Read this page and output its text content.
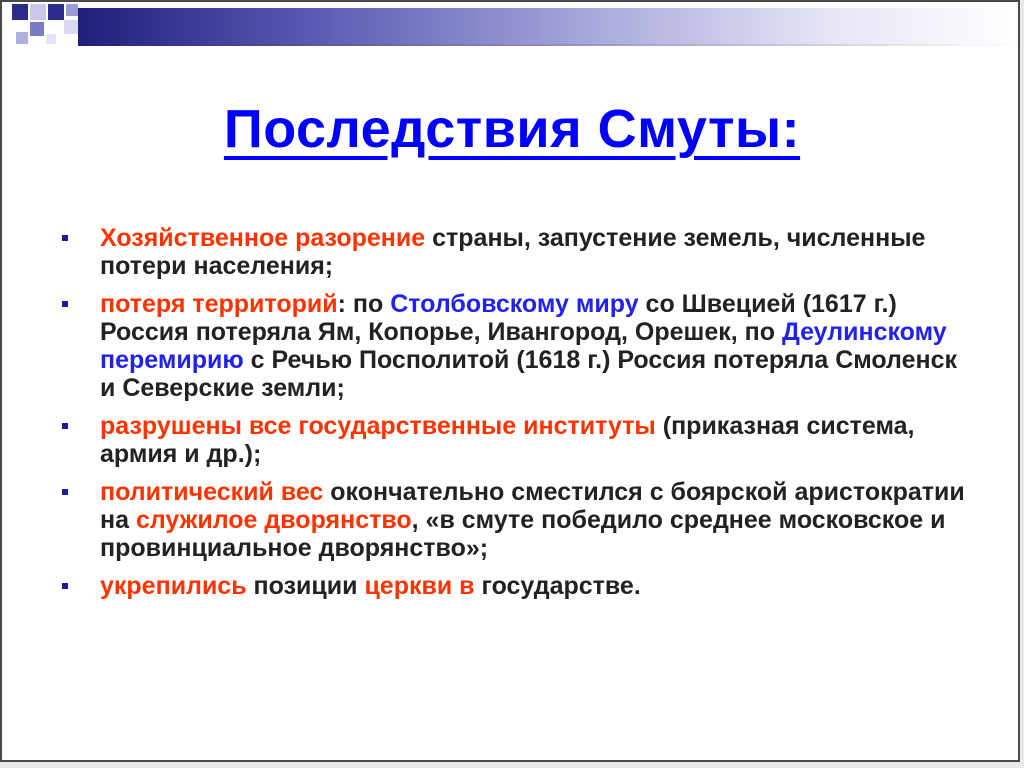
Последствия Смуты:
Хозяйственное разорение страны, запустение земель, численные потери населения;
потеря территорий: по Столбовскому миру со Швецией (1617 г.) Россия потеряла Ям, Копорье, Ивангород, Орешек, по Деулинскому перемирию с Речью Посполитой (1618 г.) Россия потеряла Смоленск и Северские земли;
разрушены все государственные институты (приказная система, армия и др.);
политический вес окончательно сместился с боярской аристократии на служилое дворянство, «в смуте победило среднее московское и провинциальное дворянство»;
укрепились позиции церкви в государстве.
